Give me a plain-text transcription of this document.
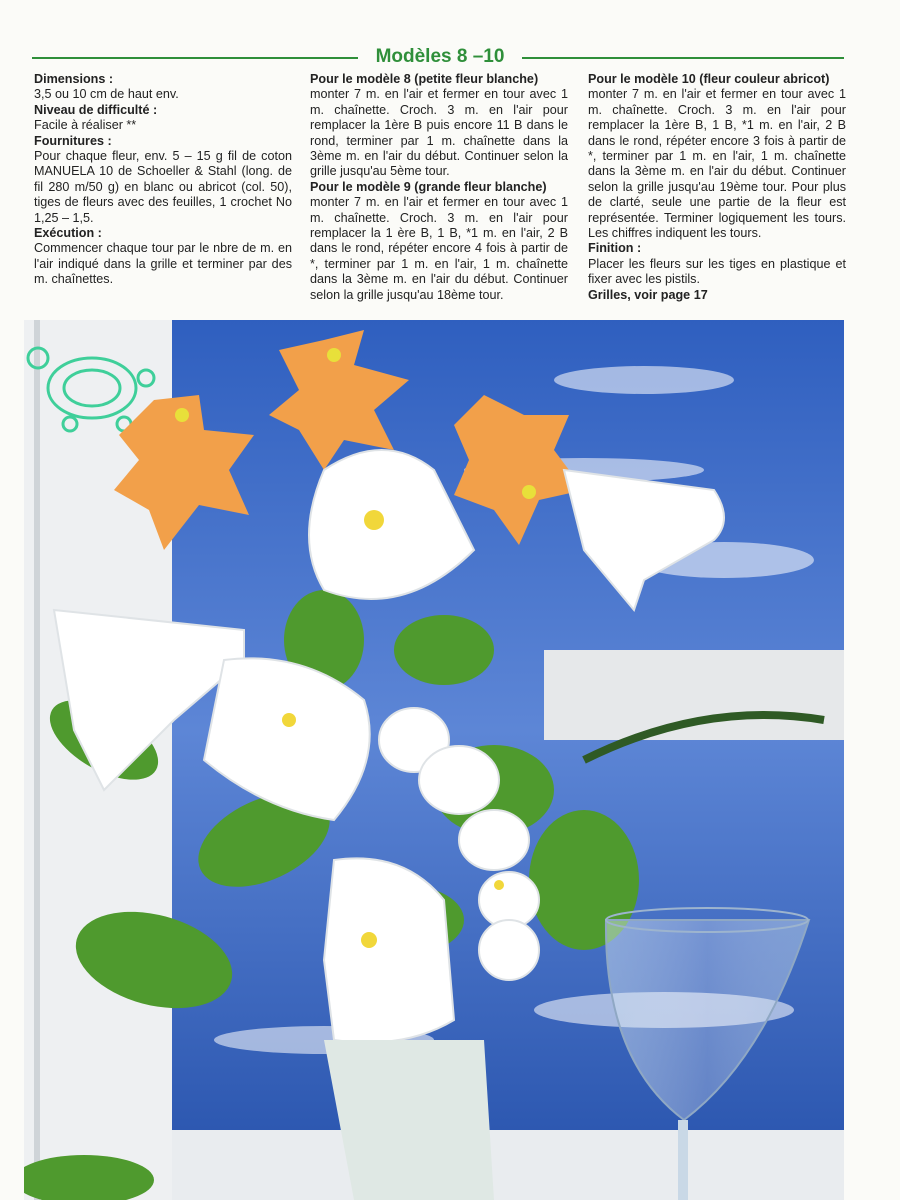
Modèles 8 –10

Dimensions :

3,5 ou 10 cm de haut env.

Niveau de difficulté :

Facile à réaliser **

Fournitures :

Pour chaque fleur, env. 5 – 15 g fil de coton MANUELA 10 de Schoeller & Stahl (long. de fil 280 m/50 g) en blanc ou abricot (col. 50), tiges de fleurs avec des feuilles, 1 crochet No 1,25 – 1,5.

Exécution :

Commencer chaque tour par le nbre de m. en l'air indiqué dans la grille et terminer par des m. chaînettes.

Pour le modèle 8 (petite fleur blanche)

monter 7 m. en l'air et fermer en tour avec 1 m. chaînette. Croch. 3 m. en l'air pour remplacer la 1ère B puis encore 11 B dans le rond, terminer par 1 m. chaînette dans la 3ème m. en l'air du début. Continuer selon la grille jusqu'au 5ème tour.

Pour le modèle 9 (grande fleur blanche)

monter 7 m. en l'air et fermer en tour avec 1 m. chaînette. Croch. 3 m. en l'air pour remplacer la 1 ère B, 1 B, *1 m. en l'air, 2 B dans le rond, répéter encore 4 fois à partir de *, terminer par 1 m. en l'air, 1 m. chaînette dans la 3ème m. en l'air du début. Continuer selon la grille jusqu'au 18ème tour.

Pour le modèle 10 (fleur couleur abricot)

monter 7 m. en l'air et fermer en tour avec 1 m. chaînette. Croch. 3 m. en l'air pour remplacer la 1ère B, 1 B, *1 m. en l'air, 2 B dans le rond, répéter encore 3 fois à partir de *, terminer par 1 m. en l'air, 1 m. chaînette dans la 3ème m. en l'air du début. Continuer selon la grille jusqu'au 19ème tour. Pour plus de clarté, seule une partie de la fleur est représentée. Terminer logiquement les tours. Les chiffres indiquent les tours.

Finition :

Placer les fleurs sur les tiges en plastique et fixer avec les pistils.

Grilles, voir page 17
